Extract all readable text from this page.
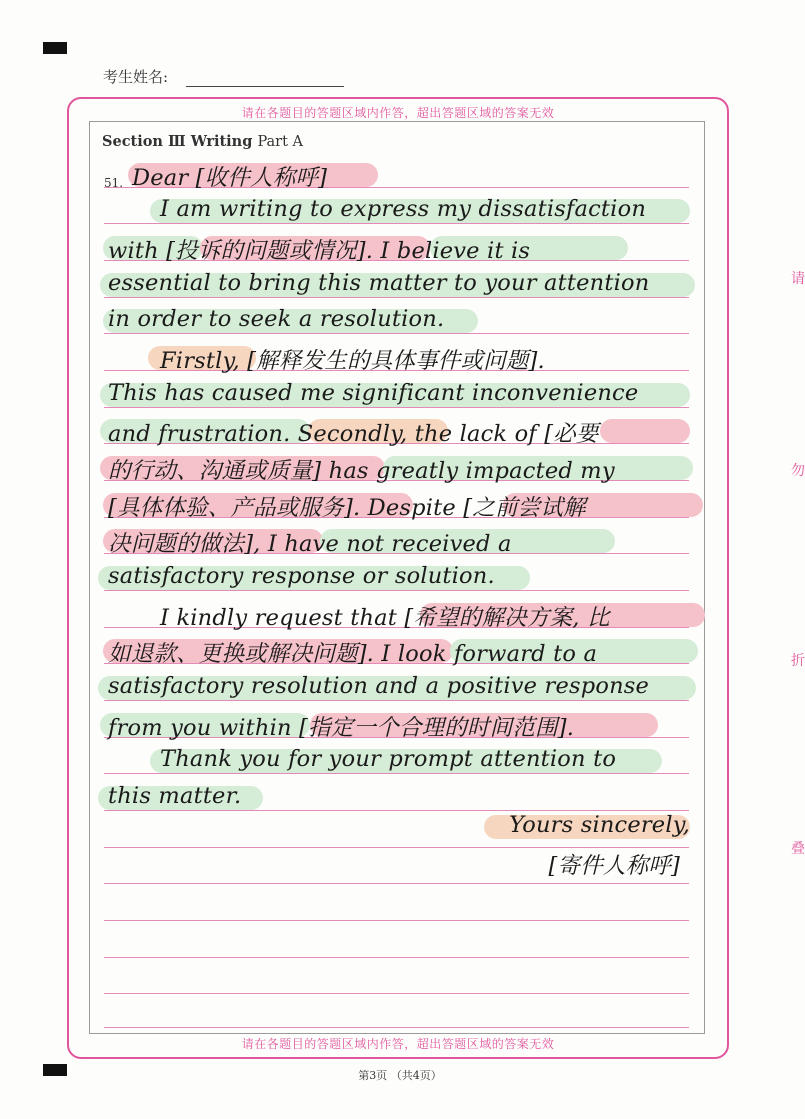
考生姓名:
请在各题目的答题区域内作答，超出答题区域的答案无效
请在各题目的答题区域内作答，超出答题区域的答案无效
Section Ⅲ Writing Part A
51. Dear [收件人称呼]
I am writing to express my dissatisfaction
with [投诉的问题或情况]. I believe it is
essential to bring this matter to your attention
in order to seek a resolution.
Firstly, [解释发生的具体事件或问题].
This has caused me significant inconvenience
and frustration. Secondly, the lack of [必要
的行动、沟通或质量] has greatly impacted my
[具体体验、产品或服务]. Despite [之前尝试解
决问题的做法], I have not received a
satisfactory response or solution.
I kindly request that [希望的解决方案, 比
如退款、更换或解决问题]. I look forward to a
satisfactory resolution and a positive response
from you within [指定一个合理的时间范围].
Thank you for your prompt attention to
this matter.
Yours sincerely,
[寄件人称呼]
第3页 （共4页）
请
勿
折
叠
